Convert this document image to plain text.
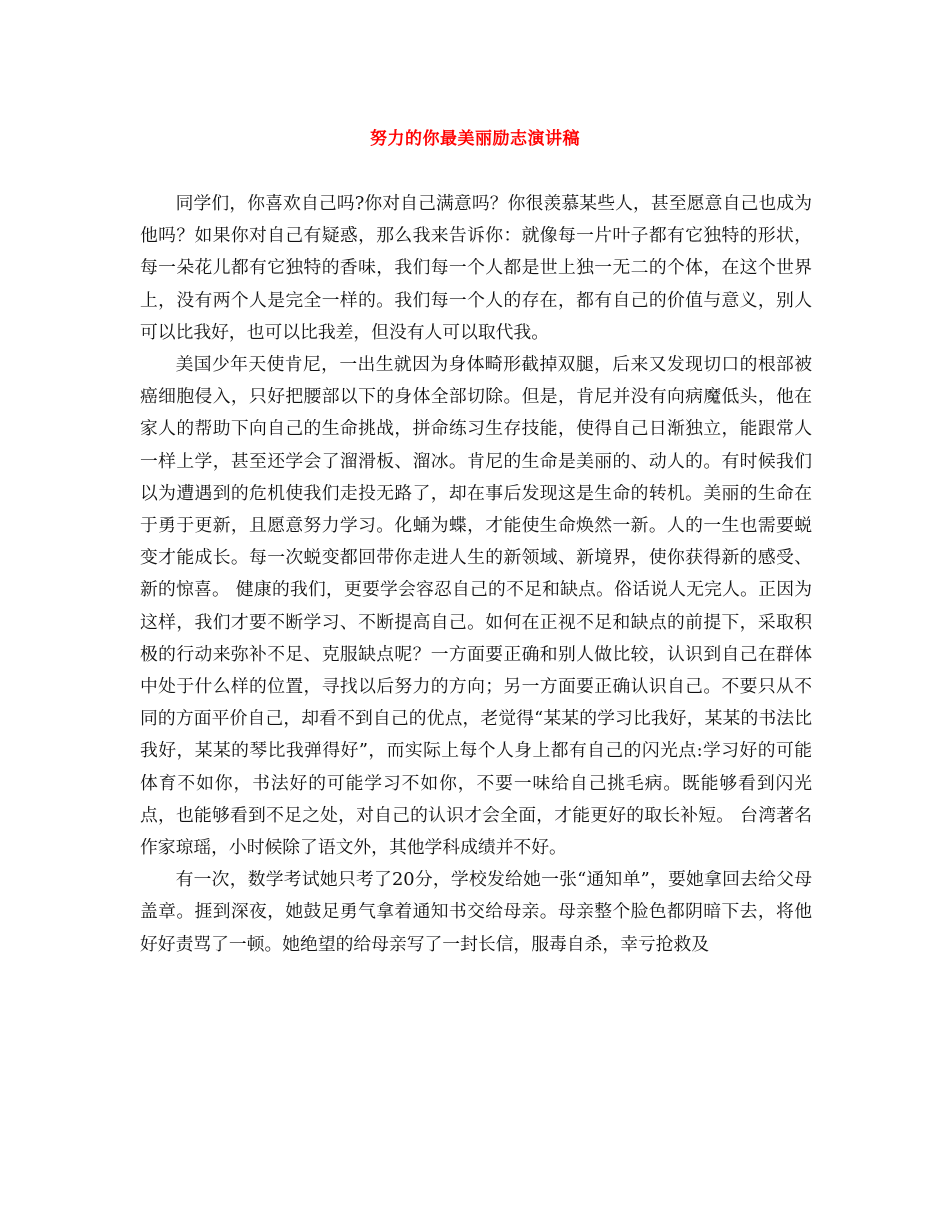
努力的你最美丽励志演讲稿

同学们，你喜欢自己吗?你对自己满意吗？你很羡慕某些人，甚至愿意自己也成为他吗？如果你对自己有疑惑，那么我来告诉你：就像每一片叶子都有它独特的形状，每一朵花儿都有它独特的香味，我们每一个人都是世上独一无二的个体，在这个世界上，没有两个人是完全一样的。我们每一个人的存在，都有自己的价值与意义，别人可以比我好，也可以比我差，但没有人可以取代我。

美国少年天使肯尼，一出生就因为身体畸形截掉双腿，后来又发现切口的根部被癌细胞侵入，只好把腰部以下的身体全部切除。但是，肯尼并没有向病魔低头，他在家人的帮助下向自己的生命挑战，拼命练习生存技能，使得自己日渐独立，能跟常人一样上学，甚至还学会了溜滑板、溜冰。肯尼的生命是美丽的、动人的。有时候我们以为遭遇到的危机使我们走投无路了，却在事后发现这是生命的转机。美丽的生命在于勇于更新，且愿意努力学习。化蛹为蝶，才能使生命焕然一新。人的一生也需要蜕变才能成长。每一次蜕变都回带你走进人生的新领域、新境界，使你获得新的感受、新的惊喜。 健康的我们，更要学会容忍自己的不足和缺点。俗话说人无完人。正因为这样，我们才要不断学习、不断提高自己。如何在正视不足和缺点的前提下，采取积极的行动来弥补不足、克服缺点呢？一方面要正确和别人做比较，认识到自己在群体中处于什么样的位置，寻找以后努力的方向；另一方面要正确认识自己。不要只从不同的方面平价自己，却看不到自己的优点，老觉得“某某的学习比我好，某某的书法比我好，某某的琴比我弹得好”，而实际上每个人身上都有自己的闪光点:学习好的可能体育不如你，书法好的可能学习不如你，不要一味给自己挑毛病。既能够看到闪光点，也能够看到不足之处，对自己的认识才会全面，才能更好的取长补短。 台湾著名作家琼瑶，小时候除了语文外，其他学科成绩并不好。

有一次，数学考试她只考了20分，学校发给她一张“通知单”，要她拿回去给父母盖章。捱到深夜，她鼓足勇气拿着通知书交给母亲。母亲整个脸色都阴暗下去，将他好好责骂了一顿。她绝望的给母亲写了一封长信，服毒自杀，幸亏抢救及
